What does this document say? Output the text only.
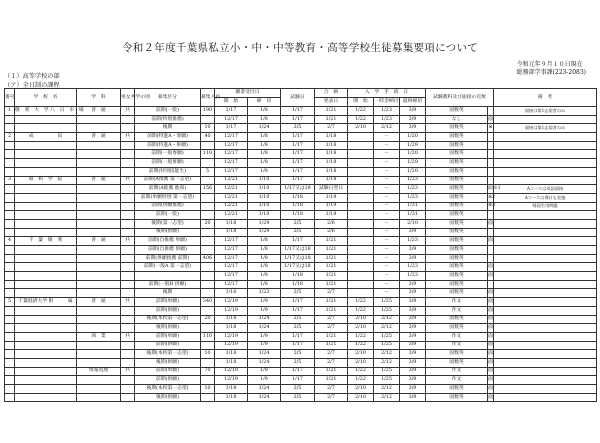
令和２年度千葉県私立小・中・中等教育・高等学校生徒募集要項について
令和元年９月１０日現在
総務部学事課(223-2083)
（１）高等学校の部
（ア）全日制の課程
番号	学　校　名	学　科	男女共学の別	募集区分	募集人員	願書受付日		試験日	合　格	入　学　手　続　日			試験教科及び面接の有無		備　考
						開　始	締　切		発表日	開　始	一時金納付	最終締切			
1	敬　愛　大　学 八　日　市　場	普　通	共	前期(一般)	190	1/17	1/8	1/17	1/21	1/22	1/23	3/9	国数英		面接は第1志望者のみ
				前期(特別推薦)		12/17	1/8	1/17	1/21	1/22	1/23	3/9	なし	面	
				後期	10	1/17	1/24	2/5	2/7	2/10	2/12	3/9	国数英	※	面接は第1志望者のみ
2	成　　　　　田	普　通	共	前期(特進A・専願)	40	12/17	1/8	1/17	1/18		－	1/20	国数英		
				前期(特進A・併願)		12/17	1/8	1/17	1/18		－	1/29	国数英		
				前期(一般専願)	110	12/17	1/8	1/17	1/18		－	1/20	国数英		
				前期(一般併願)		12/17	1/8	1/17	1/18		－	1/29	国数英		
				前期(特別技能生)	5	12/17	1/8	1/17	1/18		－	1/20	国数英		
3	昭　和　学　院	普　通	共	前期(A推薦 第一志望)		12/21	1/10	1/17	1/18		－	1/23	国数英		
				前期(A推薦 他県)	156	12/21	1/10	1/17又は18	試験日翌日		－	1/23	国数英	面※1	Aコースは英語面接
				前期(単願特別 第一志望)		12/21	1/10	1/18	1/19		－	1/23	国数英	※2	Aコースは理社も実施
				前期(併願推薦)		12/21	1/10	1/18	1/19		－	1/31	国数英	※3	帰国生用問題
				前期(一般)		12/21	1/10	1/18	1/19		－	1/31	国数英		
				後期(第一志望)	20	1/18	1/29	2/5	2/6		－	2/10	国数英	面	
				後期(併願)		1/18	1/29	2/5	2/6		－	3/9	国数英		
4	千　葉　敬　愛	普　通	共	前期(自推薦 単願)		12/17	1/8	1/17	1/21		－	1/23	国数英	面	
				前期(自推薦 併願)		12/17	1/8	1/17又は18	1/21		－	3/9	国数英		
				前期(併願推薦 前期)	406	12/17	1/8	1/17又は18	1/21		－	3/9	国数英		
				前期(一般A 第一志望)		12/17	1/8	1/17又は18	1/21		－	1/23	国数英	面	
						12/17	1/8	1/18	1/21		－	1/23	国数英	面	
				前期(一般B 併願)		12/17	1/8	1/18	1/21		－	3/9	国数英		
				後期		1/16	1/23	2/5	2/7		－	3/9	国数英	面	
5	千葉経済大学 附　　　属	普　通	共	前期(単願)	340	12/19	1/9	1/17	1/21	1/22	1/25	3/9	作文	面	
				前期(併願)		12/19	1/9	1/17	1/21	1/22	1/25	3/9	作文	面	
				後期(本校第一志望)	20	1/18	1/24	2/5	2/7	2/10	2/12	3/9	国数英	面	
				後期(併願)		1/18	1/24	2/5	2/7	2/10	2/12	3/9	国数英	面	
		商　業	共	前期(単願)	110	12/19	1/9	1/17	1/21	1/22	1/25	3/9	作文	面	
				前期(併願)		12/19	1/9	1/17	1/21	1/22	1/25	3/9	作文	面	
				後期(本校第一志望)	10	1/18	1/24	2/5	2/7	2/10	2/12	3/9	国数英	面	
				後期(併願)		1/18	1/24	2/5	2/7	2/10	2/12	3/9	国数英	面	
		情報処理	共	前期(単願)	70	12/19	1/9	1/17	1/21	1/22	1/25	3/9	作文	面	
				前期(併願)		12/19	1/9	1/17	1/21	1/22	1/25	3/9	作文	面	
				後期(本校第一志望)	10	1/18	1/24	2/5	2/7	2/10	2/12	3/9	国数英	面	
				後期(併願)		1/18	1/24	2/5	2/7	2/10	2/12	3/9	国数英	面	
